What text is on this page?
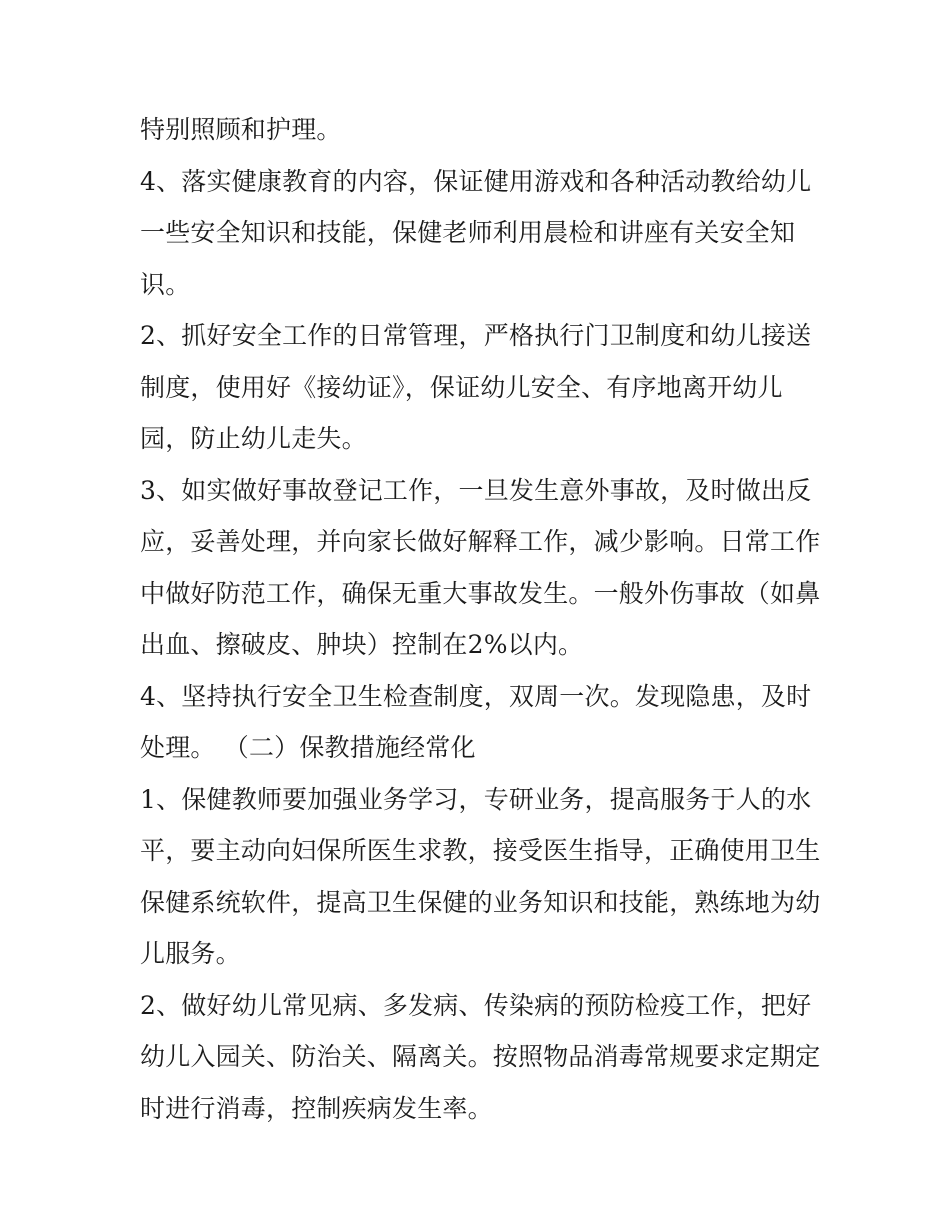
特别照顾和护理。
4、落实健康教育的内容，保证健用游戏和各种活动教给幼儿
一些安全知识和技能，保健老师利用晨检和讲座有关安全知
识。
2、抓好安全工作的日常管理，严格执行门卫制度和幼儿接送
制度，使用好《接幼证》，保证幼儿安全、有序地离开幼儿
园，防止幼儿走失。
3、如实做好事故登记工作，一旦发生意外事故，及时做出反
应，妥善处理，并向家长做好解释工作，减少影响。日常工作
中做好防范工作，确保无重大事故发生。一般外伤事故（如鼻
出血、擦破皮、肿块）控制在2%以内。
4、坚持执行安全卫生检查制度，双周一次。发现隐患，及时
处理。 （二）保教措施经常化
1、保健教师要加强业务学习，专研业务，提高服务于人的水
平，要主动向妇保所医生求教，接受医生指导，正确使用卫生
保健系统软件，提高卫生保健的业务知识和技能，熟练地为幼
儿服务。
2、做好幼儿常见病、多发病、传染病的预防检疫工作，把好
幼儿入园关、防治关、隔离关。按照物品消毒常规要求定期定
时进行消毒，控制疾病发生率。
